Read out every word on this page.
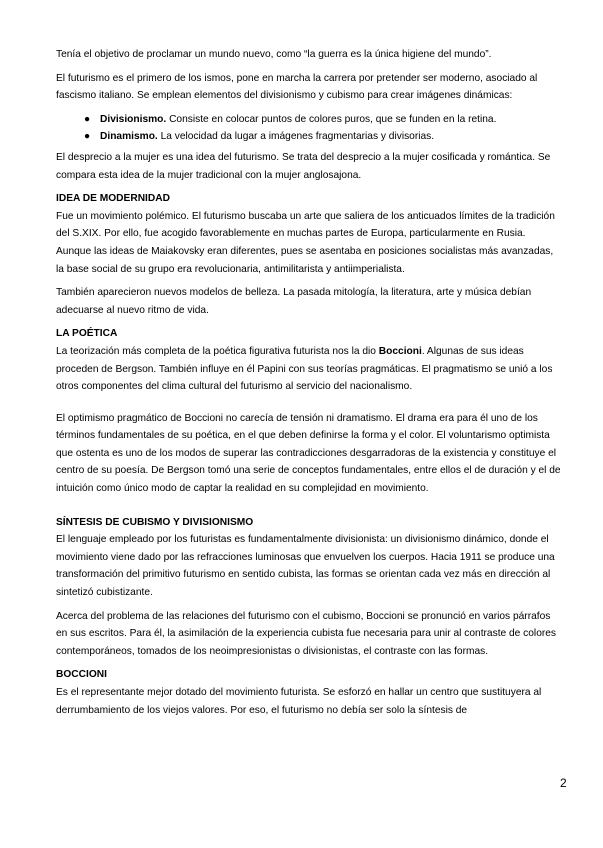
Tenía el objetivo de proclamar un mundo nuevo, como “la guerra es la única higiene del mundo”.

El futurismo es el primero de los ismos, pone en marcha la carrera por pretender ser moderno, asociado al fascismo italiano. Se emplean elementos del divisionismo y cubismo para crear imágenes dinámicas:

● Divisionismo. Consiste en colocar puntos de colores puros, que se funden en la retina.
● Dinamismo. La velocidad da lugar a imágenes fragmentarias y divisorias.

El desprecio a la mujer es una idea del futurismo. Se trata del desprecio a la mujer cosificada y romántica. Se compara esta idea de la mujer tradicional con la mujer anglosajona.

IDEA DE MODERNIDAD

Fue un movimiento polémico. El futurismo buscaba un arte que saliera de los anticuados límites de la tradición del S.XIX. Por ello, fue acogido favorablemente en muchas partes de Europa, particularmente en Rusia. Aunque las ideas de Maiakovsky eran diferentes, pues se asentaba en posiciones socialistas más avanzadas, la base social de su grupo era revolucionaria, antimilitarista y antiimperialista.

También aparecieron nuevos modelos de belleza. La pasada mitología, la literatura, arte y música debían adecuarse al nuevo ritmo de vida.

LA POÉTICA

La teorización más completa de la poética figurativa futurista nos la dio Boccioni. Algunas de sus ideas proceden de Bergson. También influye en él Papini con sus teorías pragmáticas. El pragmatismo se unió a los otros componentes del clima cultural del futurismo al servicio del nacionalismo.

El optimismo pragmático de Boccioni no carecía de tensión ni dramatismo. El drama era para él uno de los términos fundamentales de su poética, en el que deben definirse la forma y el color. El voluntarismo optimista que ostenta es uno de los modos de superar las contradicciones desgarradoras de la existencia y constituye el centro de su poesía. De Bergson tomó una serie de conceptos fundamentales, entre ellos el de duración y el de intuición como único modo de captar la realidad en su complejidad en movimiento.

SÍNTESIS DE CUBISMO Y DIVISIONISMO

El lenguaje empleado por los futuristas es fundamentalmente divisionista: un divisionismo dinámico, donde el movimiento viene dado por las refracciones luminosas que envuelven los cuerpos. Hacia 1911 se produce una transformación del primitivo futurismo en sentido cubista, las formas se orientan cada vez más en dirección al sintetizó cubistizante.

Acerca del problema de las relaciones del futurismo con el cubismo, Boccioni se pronunció en varios párrafos en sus escritos. Para él, la asimilación de la experiencia cubista fue necesaria para unir al contraste de colores contemporáneos, tomados de los neoimpresionistas o divisionistas, el contraste con las formas.

BOCCIONI

Es el representante mejor dotado del movimiento futurista. Se esforzó en hallar un centro que sustituyera al derrumbamiento de los viejos valores. Por eso, el futurismo no debía ser solo la síntesis de

2
